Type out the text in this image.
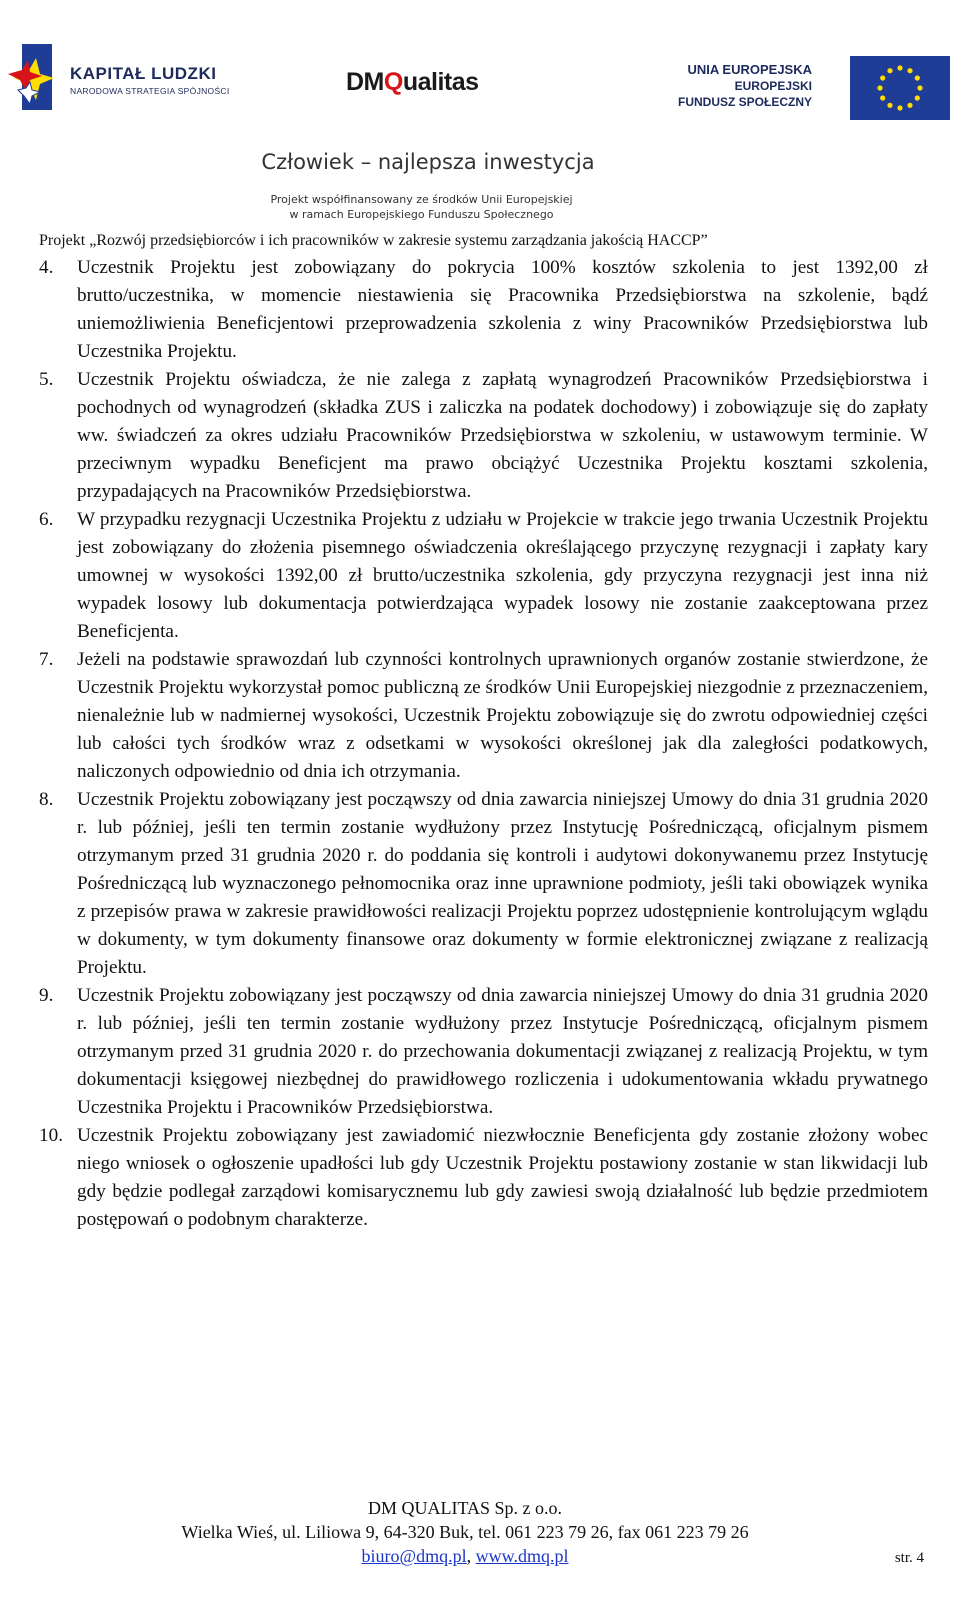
KAPITAŁ LUDZKI
NARODOWA STRATEGIA SPÓJNOŚCI	DMQualitas	UNIA EUROPEJSKA
EUROPEJSKI
FUNDUSZ SPOŁECZNY
Człowiek – najlepsza inwestycja
Projekt współfinansowany ze środków Unii Europejskiej
w ramach Europejskiego Funduszu Społecznego
Projekt „Rozwój przedsiębiorców i ich pracowników w zakresie systemu zarządzania jakością HACCP”
4. Uczestnik Projektu jest zobowiązany do pokrycia 100% kosztów szkolenia to jest 1392,00 zł brutto/uczestnika, w momencie niestawienia się Pracownika Przedsiębiorstwa na szkolenie, bądź uniemożliwienia Beneficjentowi przeprowadzenia szkolenia z winy Pracowników Przedsiębiorstwa lub Uczestnika Projektu.
5. Uczestnik Projektu oświadcza, że nie zalega z zapłatą wynagrodzeń Pracowników Przedsiębiorstwa i pochodnych od wynagrodzeń (składka ZUS i zaliczka na podatek dochodowy) i zobowiązuje się do zapłaty ww. świadczeń za okres udziału Pracowników Przedsiębiorstwa w szkoleniu, w ustawowym terminie. W przeciwnym wypadku Beneficjent ma prawo obciążyć Uczestnika Projektu kosztami szkolenia, przypadających na Pracowników Przedsiębiorstwa.
6. W przypadku rezygnacji Uczestnika Projektu z udziału w Projekcie w trakcie jego trwania Uczestnik Projektu jest zobowiązany do złożenia pisemnego oświadczenia określającego przyczynę rezygnacji i zapłaty kary umownej w wysokości 1392,00 zł brutto/uczestnika szkolenia, gdy przyczyna rezygnacji jest inna niż wypadek losowy lub dokumentacja potwierdzająca wypadek losowy nie zostanie zaakceptowana przez Beneficjenta.
7. Jeżeli na podstawie sprawozdań lub czynności kontrolnych uprawnionych organów zostanie stwierdzone, że Uczestnik Projektu wykorzystał pomoc publiczną ze środków Unii Europejskiej niezgodnie z przeznaczeniem, nienależnie lub w nadmiernej wysokości, Uczestnik Projektu zobowiązuje się do zwrotu odpowiedniej części lub całości tych środków wraz z odsetkami w wysokości określonej jak dla zaległości podatkowych, naliczonych odpowiednio od dnia ich otrzymania.
8. Uczestnik Projektu zobowiązany jest począwszy od dnia zawarcia niniejszej Umowy do dnia 31 grudnia 2020 r. lub później, jeśli ten termin zostanie wydłużony przez Instytucję Pośredniczącą, oficjalnym pismem otrzymanym przed 31 grudnia 2020 r. do poddania się kontroli i audytowi dokonywanemu przez Instytucję Pośredniczącą lub wyznaczonego pełnomocnika oraz inne uprawnione podmioty, jeśli taki obowiązek wynika z przepisów prawa w zakresie prawidłowości realizacji Projektu poprzez udostępnienie kontrolującym wglądu w dokumenty, w tym dokumenty finansowe oraz dokumenty w formie elektronicznej związane z realizacją Projektu.
9. Uczestnik Projektu zobowiązany jest począwszy od dnia zawarcia niniejszej Umowy do dnia 31 grudnia 2020 r. lub później, jeśli ten termin zostanie wydłużony przez Instytucje Pośredniczącą, oficjalnym pismem otrzymanym przed 31 grudnia 2020 r. do przechowania dokumentacji związanej z realizacją Projektu, w tym dokumentacji księgowej niezbędnej do prawidłowego rozliczenia i udokumentowania wkładu prywatnego Uczestnika Projektu i Pracowników Przedsiębiorstwa.
10. Uczestnik Projektu zobowiązany jest zawiadomić niezwłocznie Beneficjenta gdy zostanie złożony wobec niego wniosek o ogłoszenie upadłości lub gdy Uczestnik Projektu postawiony zostanie w stan likwidacji lub gdy będzie podlegał zarządowi komisarycznemu lub gdy zawiesi swoją działalność lub będzie przedmiotem postępowań o podobnym charakterze.
DM QUALITAS Sp. z o.o.
Wielka Wieś, ul. Liliowa 9, 64-320 Buk, tel. 061 223 79 26, fax 061 223 79 26
biuro@dmq.pl, www.dmq.pl	str. 4
